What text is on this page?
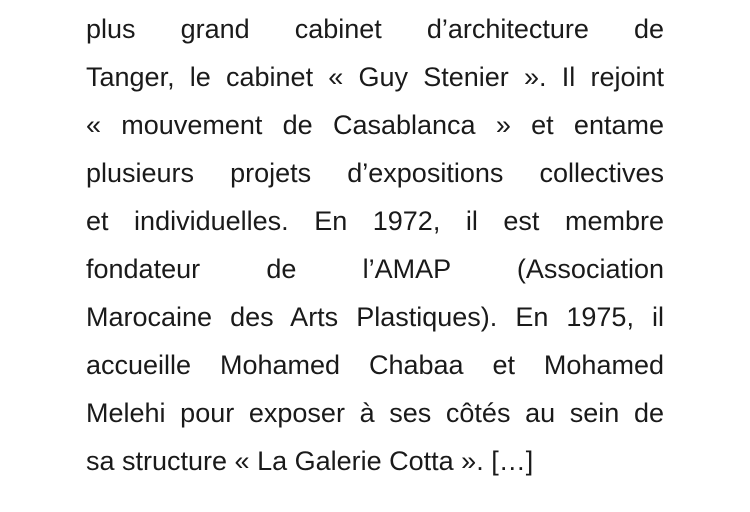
plus grand cabinet d’architecture de
Tanger, le cabinet « Guy Stenier ». Il rejoint
« mouvement de Casablanca » et entame
plusieurs projets d’expositions collectives
et individuelles. En 1972, il est membre
fondateur de l’AMAP (Association
Marocaine des Arts Plastiques). En 1975, il
accueille Mohamed Chabaa et Mohamed
Melehi pour exposer à ses côtés au sein de
sa structure « La Galerie Cotta ». […]
